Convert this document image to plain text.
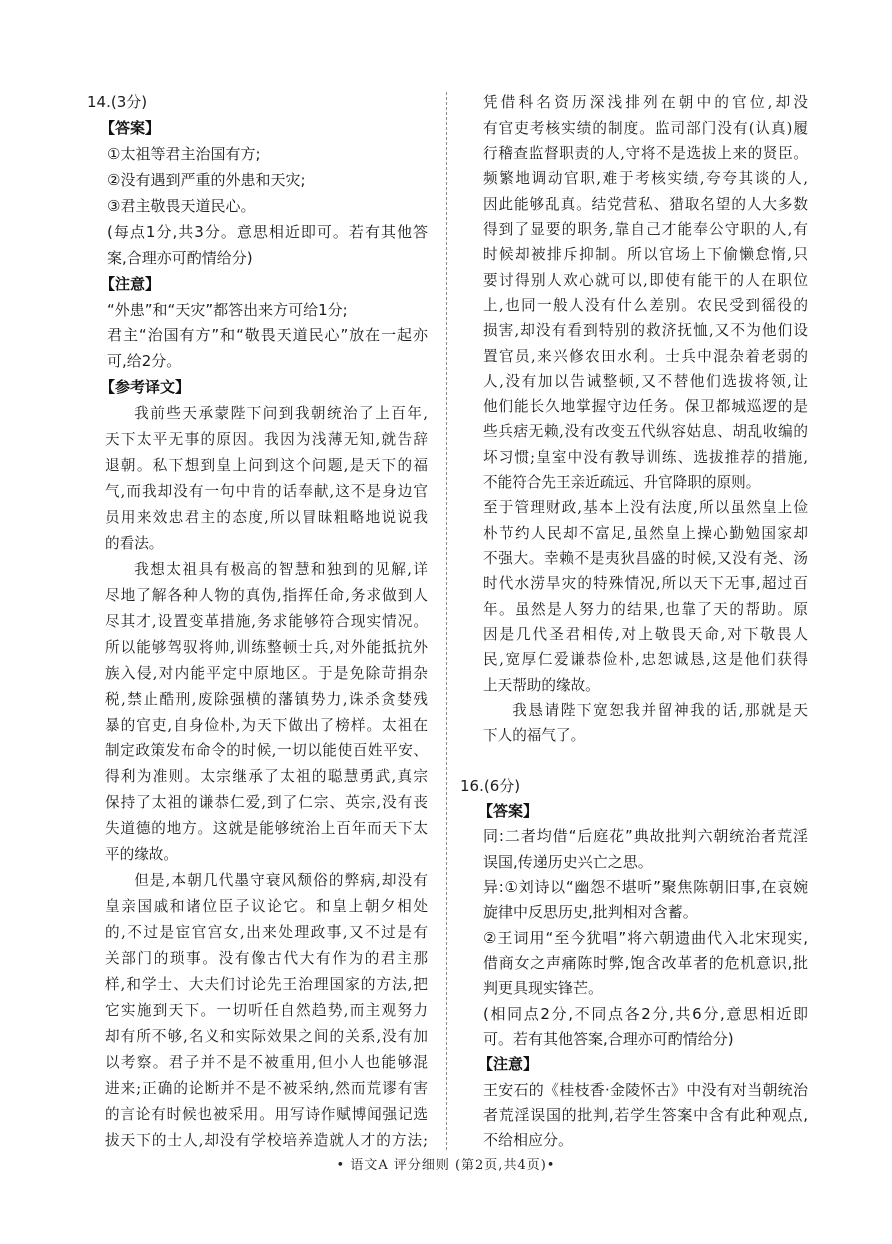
14.(3分)
【答案】
①太祖等君主治国有方;
②没有遇到严重的外患和天灾;
③君主敬畏天道民心。
(每点1分,共3分。意思相近即可。若有其他答
案,合理亦可酌情给分)
【注意】
“外患”和“天灾”都答出来方可给1分;
君主“治国有方”和“敬畏天道民心”放在一起亦
可,给2分。
【参考译文】
我前些天承蒙陛下问到我朝统治了上百年,
天下太平无事的原因。我因为浅薄无知,就告辞
退朝。私下想到皇上问到这个问题,是天下的福
气,而我却没有一句中肯的话奉献,这不是身边官
员用来效忠君主的态度,所以冒昧粗略地说说我
的看法。
我想太祖具有极高的智慧和独到的见解,详
尽地了解各种人物的真伪,指挥任命,务求做到人
尽其才,设置变革措施,务求能够符合现实情况。
所以能够驾驭将帅,训练整顿士兵,对外能抵抗外
族入侵,对内能平定中原地区。于是免除苛捐杂
税,禁止酷刑,废除强横的藩镇势力,诛杀贪婪残
暴的官吏,自身俭朴,为天下做出了榜样。太祖在
制定政策发布命令的时候,一切以能使百姓平安、
得利为准则。太宗继承了太祖的聪慧勇武,真宗
保持了太祖的谦恭仁爱,到了仁宗、英宗,没有丧
失道德的地方。这就是能够统治上百年而天下太
平的缘故。
但是,本朝几代墨守衰风颓俗的弊病,却没有
皇亲国戚和诸位臣子议论它。和皇上朝夕相处
的,不过是宦官宫女,出来处理政事,又不过是有
关部门的琐事。没有像古代大有作为的君主那
样,和学士、大夫们讨论先王治理国家的方法,把
它实施到天下。一切听任自然趋势,而主观努力
却有所不够,名义和实际效果之间的关系,没有加
以考察。君子并不是不被重用,但小人也能够混
进来;正确的论断并不是不被采纳,然而荒谬有害
的言论有时候也被采用。用写诗作赋博闻强记选
拔天下的士人,却没有学校培养造就人才的方法;
凭借科名资历深浅排列在朝中的官位,却没
有官吏考核实绩的制度。监司部门没有(认真)履
行稽查监督职责的人,守将不是选拔上来的贤臣。
频繁地调动官职,难于考核实绩,夸夸其谈的人,
因此能够乱真。结党营私、猎取名望的人大多数
得到了显要的职务,靠自己才能奉公守职的人,有
时候却被排斥抑制。所以官场上下偷懒怠惰,只
要讨得别人欢心就可以,即使有能干的人在职位
上,也同一般人没有什么差别。农民受到徭役的
损害,却没有看到特别的救济抚恤,又不为他们设
置官员,来兴修农田水利。士兵中混杂着老弱的
人,没有加以告诫整顿,又不替他们选拔将领,让
他们能长久地掌握守边任务。保卫都城巡逻的是
些兵痞无赖,没有改变五代纵容姑息、胡乱收编的
坏习惯;皇室中没有教导训练、选拔推荐的措施,
不能符合先王亲近疏远、升官降职的原则。
至于管理财政,基本上没有法度,所以虽然皇上俭
朴节约人民却不富足,虽然皇上操心勤勉国家却
不强大。幸赖不是夷狄昌盛的时候,又没有尧、汤
时代水涝旱灾的特殊情况,所以天下无事,超过百
年。虽然是人努力的结果,也靠了天的帮助。原
因是几代圣君相传,对上敬畏天命,对下敬畏人
民,宽厚仁爱谦恭俭朴,忠恕诚恳,这是他们获得
上天帮助的缘故。
我恳请陛下宽恕我并留神我的话,那就是天
下人的福气了。
16.(6分)
【答案】
同:二者均借“后庭花”典故批判六朝统治者荒淫
误国,传递历史兴亡之思。
异:①刘诗以“幽怨不堪听”聚焦陈朝旧事,在哀婉
旋律中反思历史,批判相对含蓄。
②王词用“至今犹唱”将六朝遗曲代入北宋现实,
借商女之声痛陈时弊,饱含改革者的危机意识,批
判更具现实锋芒。
(相同点2分,不同点各2分,共6分,意思相近即
可。若有其他答案,合理亦可酌情给分)
【注意】
王安石的《桂枝香·金陵怀古》中没有对当朝统治
者荒淫误国的批判,若学生答案中含有此种观点,
不给相应分。
• 语文A 评分细则 (第2页,共4页)•
